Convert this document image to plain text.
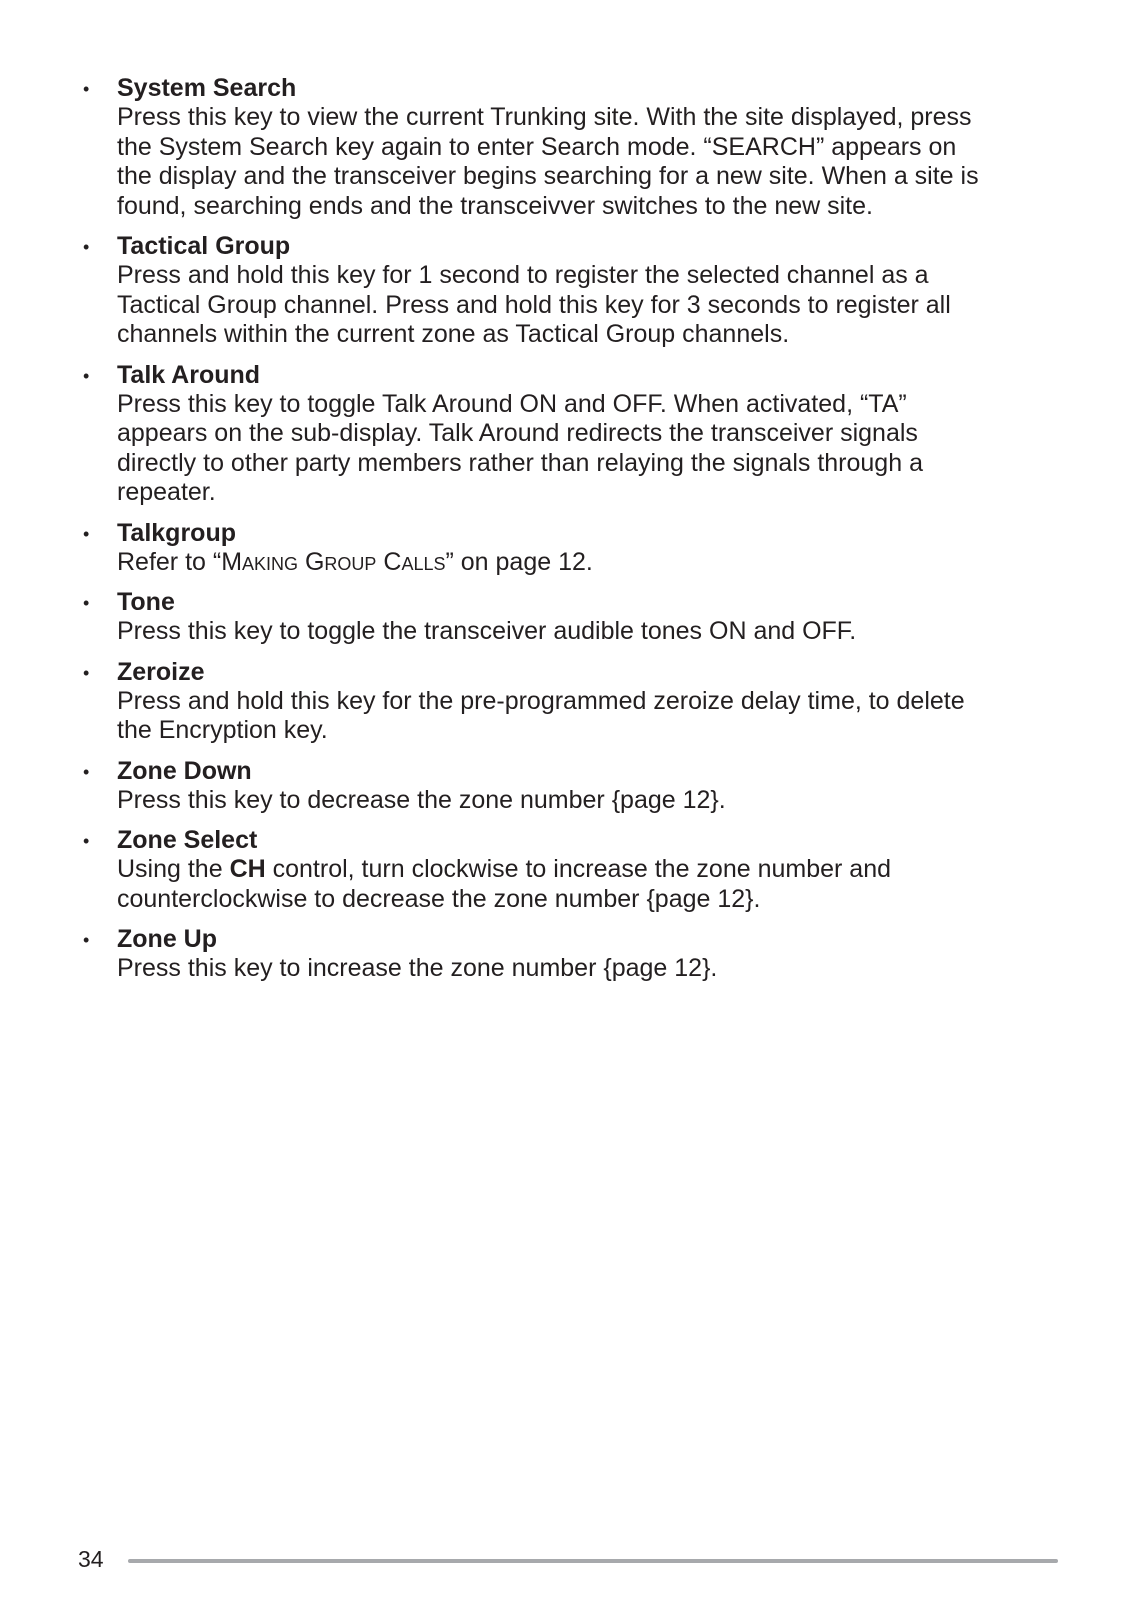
• System Search
Press this key to view the current Trunking site. With the site displayed, press
the System Search key again to enter Search mode. “SEARCH” appears on
the display and the transceiver begins searching for a new site. When a site is
found, searching ends and the transceivver switches to the new site.
• Tactical Group
Press and hold this key for 1 second to register the selected channel as a
Tactical Group channel. Press and hold this key for 3 seconds to register all
channels within the current zone as Tactical Group channels.
• Talk Around
Press this key to toggle Talk Around ON and OFF. When activated, “TA”
appears on the sub-display. Talk Around redirects the transceiver signals
directly to other party members rather than relaying the signals through a
repeater.
• Talkgroup
Refer to “Making Group Calls” on page 12.
• Tone
Press this key to toggle the transceiver audible tones ON and OFF.
• Zeroize
Press and hold this key for the pre-programmed zeroize delay time, to delete
the Encryption key.
• Zone Down
Press this key to decrease the zone number {page 12}.
• Zone Select
Using the CH control, turn clockwise to increase the zone number and
counterclockwise to decrease the zone number {page 12}.
• Zone Up
Press this key to increase the zone number {page 12}.
34
